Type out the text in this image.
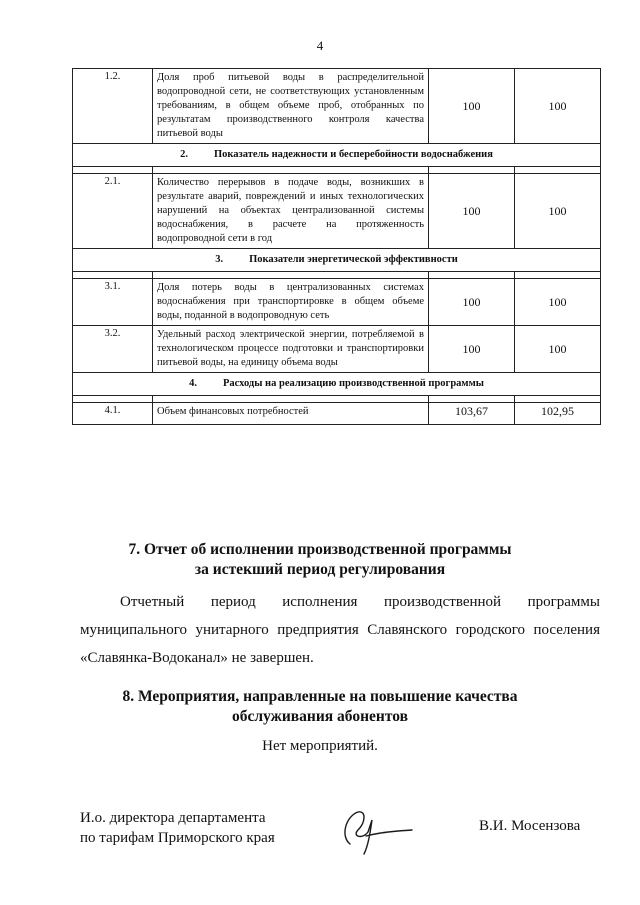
4
1.2.	Доля проб питьевой воды в распределительной водопроводной сети, не соответствующих установленным требованиям, в общем объеме проб, отобранных по результатам производственного контроля качества питьевой воды	100	100
2. Показатель надежности и бесперебойности водоснабжения			

2.1.	Количество перерывов в подаче воды, возникших в результате аварий, повреждений и иных технологических нарушений на объектах централизованной системы водоснабжения, в расчете на протяженность водопроводной сети в год	100	100
3. Показатели энергетической эффективности			

3.1.	Доля потерь воды в централизованных системах водоснабжения при транспортировке в общем объеме воды, поданной в водопроводную сеть	100	100
3.2.	Удельный расход электрической энергии, потребляемой в технологическом процессе подготовки и транспортировки питьевой воды, на единицу объема воды	100	100
4. Расходы на реализацию производственной программы			

4.1.	Объем финансовых потребностей	103,67	102,95
7. Отчет об исполнении производственной программы
за истекший период регулирования
Отчетный период исполнения производственной программы
муниципального унитарного предприятия Славянского городского поселения «Славянка-Водоканал» не завершен.
8. Мероприятия, направленные на повышение качества
обслуживания абонентов
Нет мероприятий.
И.о. директора департамента
по тарифам Приморского края
В.И. Мосензова
